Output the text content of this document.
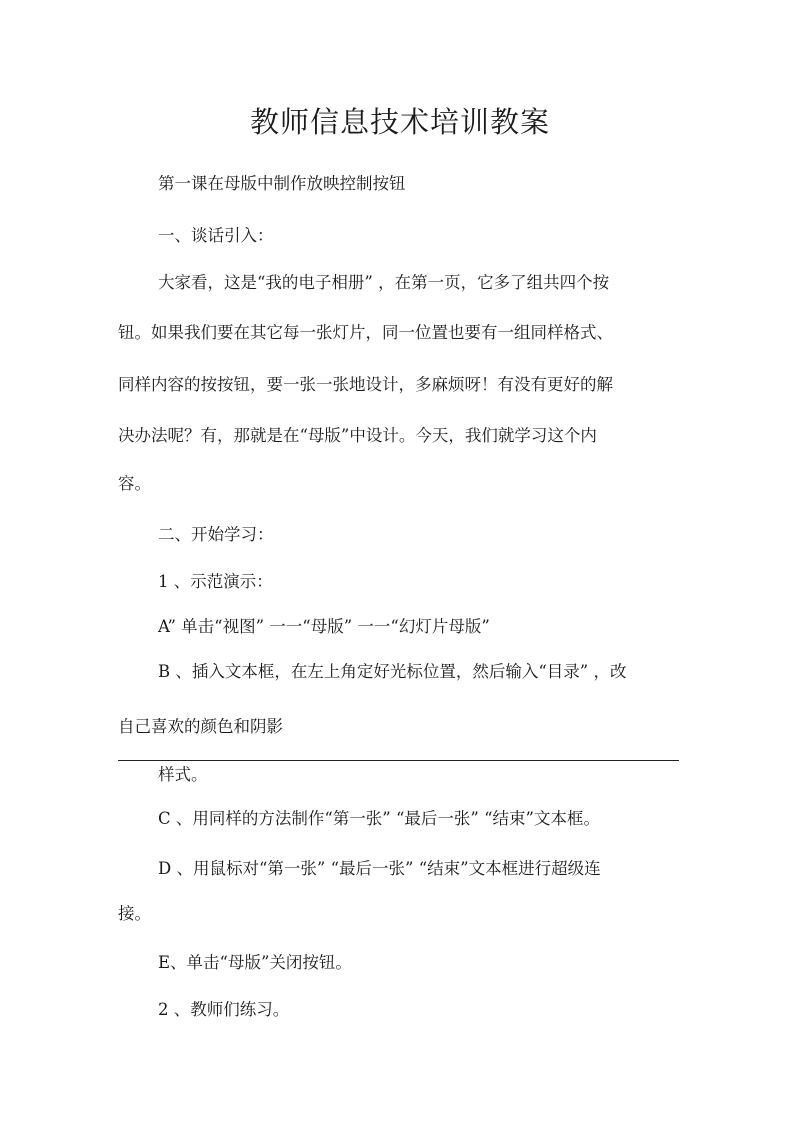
教师信息技术培训教案
第一课在母版中制作放映控制按钮
一、谈话引入：
大家看，这是“我的电子相册” ，在第一页，它多了组共四个按
钮。如果我们要在其它每一张灯片，同一位置也要有一组同样格式、
同样内容的按按钮，要一张一张地设计，多麻烦呀！有没有更好的解
决办法呢？有，那就是在“母版”中设计。今天，我们就学习这个内
容。
二、开始学习：
1 、示范演示：
A” 单击“视图” 一一“母版” 一一“幻灯片母版”
B 、插入文本框，在左上角定好光标位置，然后输入“目录” ，改
自己喜欢的颜色和阴影
样式。
C 、用同样的方法制作“第一张” “最后一张” “结束”文本框。
D 、用鼠标对“第一张” “最后一张” “结束”文本框进行超级连
接。
E、单击“母版”关闭按钮。
2 、教师们练习。
